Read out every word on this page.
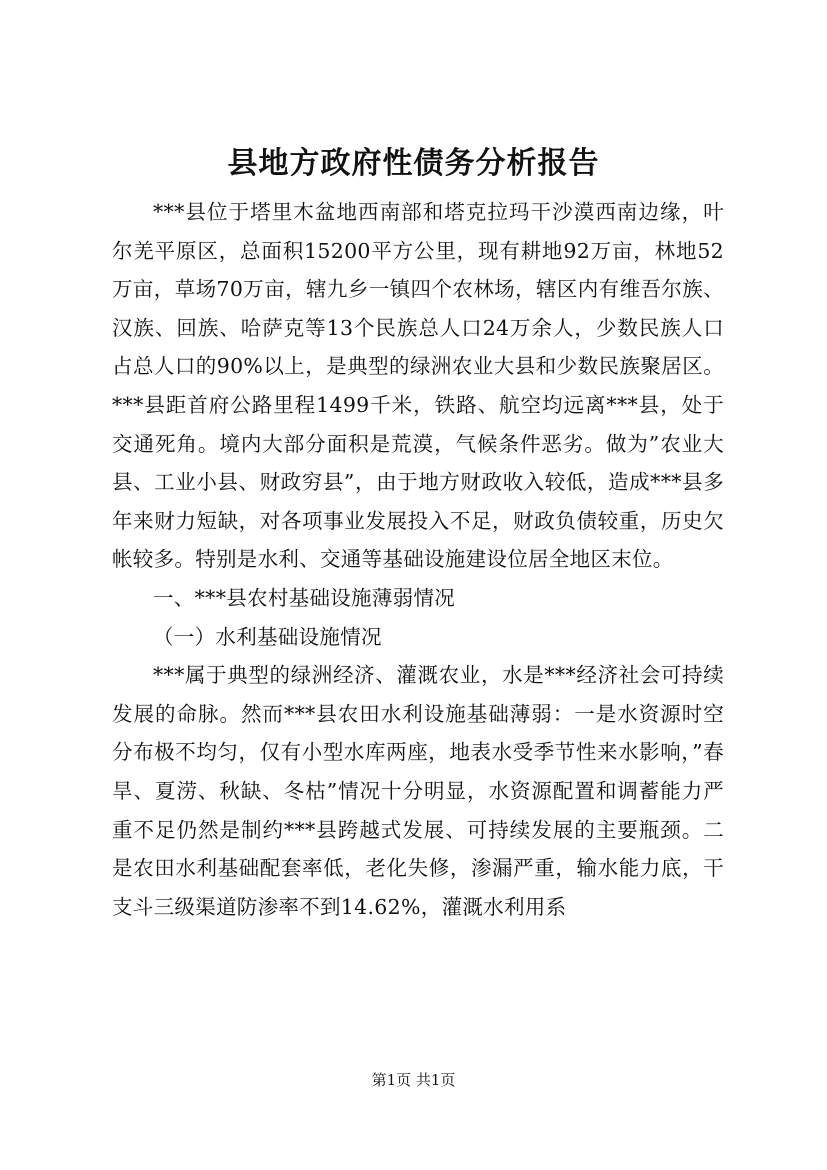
县地方政府性债务分析报告

***县位于塔里木盆地西南部和塔克拉玛干沙漠西南边缘，叶尔羌平原区，总面积15200平方公里，现有耕地92万亩，林地52万亩，草场70万亩，辖九乡一镇四个农林场，辖区内有维吾尔族、汉族、回族、哈萨克等13个民族总人口24万余人，少数民族人口占总人口的90%以上，是典型的绿洲农业大县和少数民族聚居区。***县距首府公路里程1499千米，铁路、航空均远离***县，处于交通死角。境内大部分面积是荒漠，气候条件恶劣。做为”农业大县、工业小县、财政穷县”，由于地方财政收入较低，造成***县多年来财力短缺，对各项事业发展投入不足，财政负债较重，历史欠帐较多。特别是水利、交通等基础设施建设位居全地区末位。

一、***县农村基础设施薄弱情况

（一）水利基础设施情况

***属于典型的绿洲经济、灌溉农业，水是***经济社会可持续发展的命脉。然而***县农田水利设施基础薄弱：一是水资源时空分布极不均匀，仅有小型水库两座，地表水受季节性来水影响，”春旱、夏涝、秋缺、冬枯”情况十分明显，水资源配置和调蓄能力严重不足仍然是制约***县跨越式发展、可持续发展的主要瓶颈。二是农田水利基础配套率低，老化失修，渗漏严重，输水能力底，干支斗三级渠道防渗率不到14.62%，灌溉水利用系

第1页 共1页
